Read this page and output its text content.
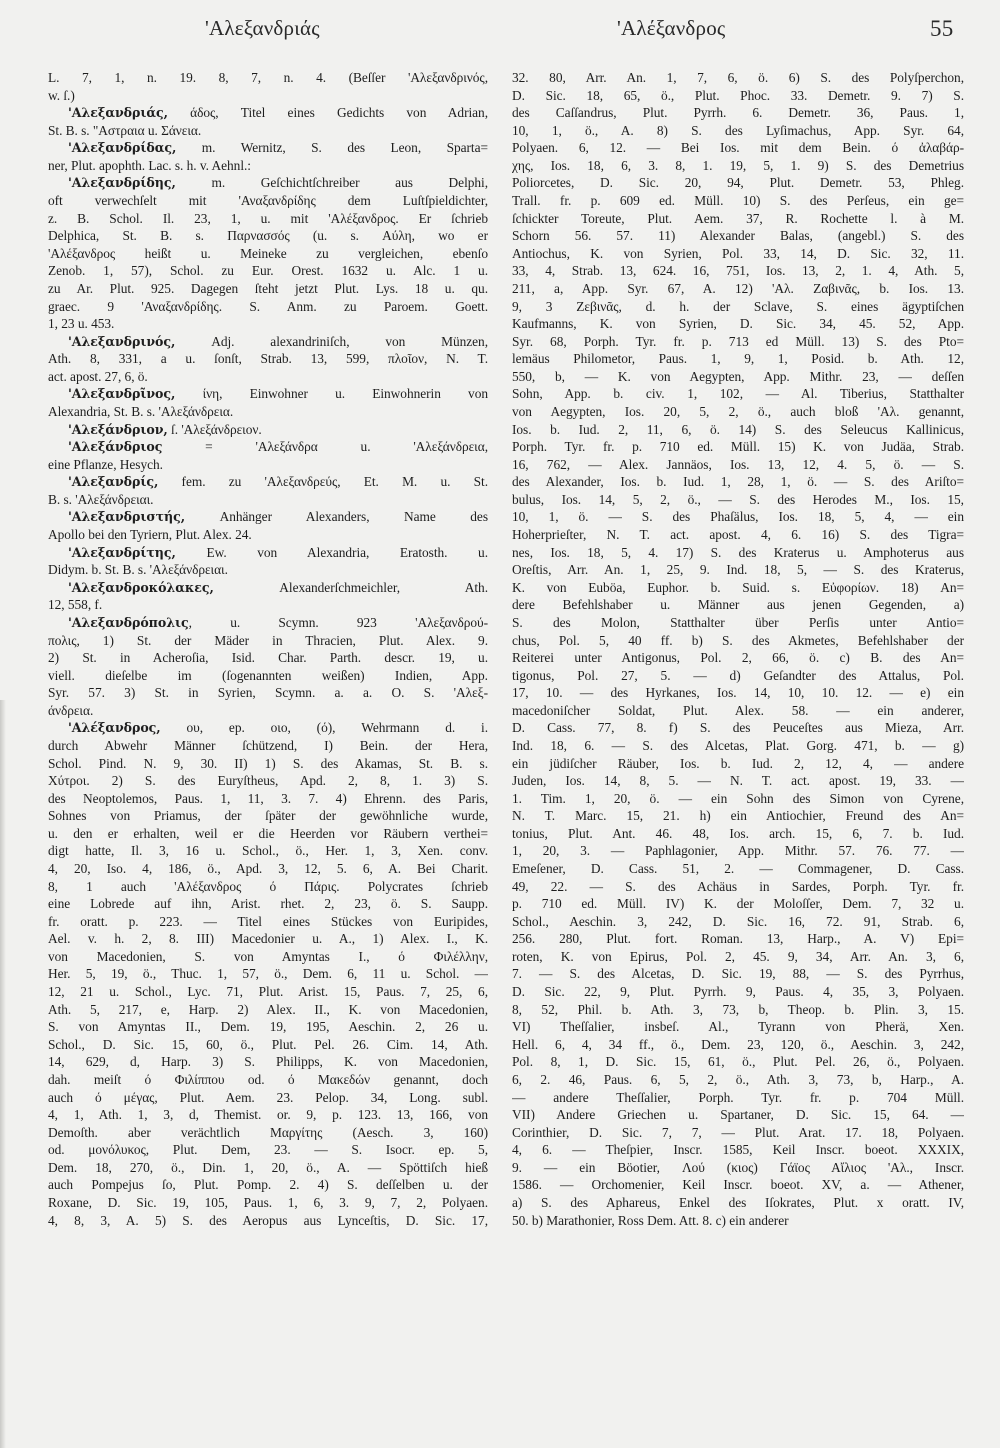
'Αλεξανδριάς	'Αλέξανδρος	55
L. 7, 1, n. 19. 8, 7, n. 4. (Beſſer 'Αλεξανδρινός,
w. ſ.)
'Αλεξανδριάς, άδος, Titel eines Gedichts von Adrian,
St. B. s. "Αστραια u. Σάνεια.
'Αλεξανδρίδας, m. Wernitz, S. des Leon, Sparta=
ner, Plut. apophth. Lac. s. h. v. Aehnl.:
'Αλεξανδρίδης, m. Geſchichtſchreiber aus Delphi,
oft verwechſelt mit 'Αναξανδρίδης dem Luſtſpieldichter,
z. B. Schol. Il. 23, 1, u. mit 'Αλέξανδρος. Er ſchrieb
Delphica, St. B. s. Παρνασσός (u. s. Αύλη, wo er
'Αλέξανδρος heißt u. Meineke zu vergleichen, ebenſo
Zenob. 1, 57), Schol. zu Eur. Orest. 1632 u. Alc. 1 u.
zu Ar. Plut. 925. Dagegen ſteht jetzt Plut. Lys. 18 u. qu.
graec. 9 'Αναξανδρίδης. S. Anm. zu Paroem. Goett.
1, 23 u. 453.
'Αλεξανδρινός, Adj. alexandriniſch, von Münzen,
Ath. 8, 331, a u. ſonſt, Strab. 13, 599, πλοῖον, N. T.
act. apost. 27, 6, ö.
'Αλεξανδρῖνος, ίνη, Einwohner u. Einwohnerin von
Alexandria, St. B. s. 'Αλεξάνδρεια.
'Αλεξάνδριον, ſ. 'Αλεξάνδρειον.
'Αλεξάνδριος = 'Αλεξάνδρα u. 'Αλεξάνδρεια,
eine Pflanze, Hesych.
'Αλεξανδρίς, fem. zu 'Αλεξανδρεύς, Et. M. u. St.
B. s. 'Αλεξάνδρειαι.
'Αλεξανδριστής, Anhänger Alexanders, Name des
Apollo bei den Tyriern, Plut. Alex. 24.
'Αλεξανδρίτης, Ew. von Alexandria, Eratosth. u.
Didym. b. St. B. s. 'Αλεξάνδρειαι.
'Αλεξανδροκόλακες, Alexanderſchmeichler, Ath.
12, 558, f.
'Αλεξανδρόπολις, u. Scymn. 923 'Αλεξανδρού-
πολις, 1) St. der Mäder in Thracien, Plut. Alex. 9.
2) St. in Acheroſia, Isid. Char. Parth. descr. 19, u.
viell. dieſelbe im (ſogenannten weißen) Indien, App.
Syr. 57. 3) St. in Syrien, Scymn. a. a. O. S. 'Αλεξ-
άνδρεια.
'Αλέξανδρος, ου, ep. οιο, (ό), Wehrmann d. i.
durch Abwehr Männer ſchützend, I) Bein. der Hera,
Schol. Pind. N. 9, 30. II) 1) S. des Akamas, St. B. s.
Χύτροι. 2) S. des Euryſtheus, Apd. 2, 8, 1. 3) S.
des Neoptolemos, Paus. 1, 11, 3. 7. 4) Ehrenn. des Paris,
Sohnes von Priamus, der ſpäter der gewöhnliche wurde,
u. den er erhalten, weil er die Heerden vor Räubern verthei=
digt hatte, Il. 3, 16 u. Schol., ö., Her. 1, 3, Xen. conv.
4, 20, Iso. 4, 186, ö., Apd. 3, 12, 5. 6, A. Bei Charit.
8, 1 auch 'Αλέξανδρος ό Πάρις. Polycrates ſchrieb
eine Lobrede auf ihn, Arist. rhet. 2, 23, ö. S. Saupp.
fr. oratt. p. 223. — Titel eines Stückes von Euripides,
Ael. v. h. 2, 8. III) Macedonier u. A., 1) Alex. I., K.
von Macedonien, S. von Amyntas I., ό Φιλέλλην,
Her. 5, 19, ö., Thuc. 1, 57, ö., Dem. 6, 11 u. Schol. —
12, 21 u. Schol., Lyc. 71, Plut. Arist. 15, Paus. 7, 25, 6,
Ath. 5, 217, e, Harp. 2) Alex. II., K. von Macedonien,
S. von Amyntas II., Dem. 19, 195, Aeschin. 2, 26 u.
Schol., D. Sic. 15, 60, ö., Plut. Pel. 26. Cim. 14, Ath.
14, 629, d, Harp. 3) S. Philipps, K. von Macedonien,
dah. meiſt ό Φιλίππου od. ό Μακεδών genannt, doch
auch ό μέγας, Plut. Aem. 23. Pelop. 34, Long. subl.
4, 1, Ath. 1, 3, d, Themist. or. 9, p. 123. 13, 166, von
Demoſth. aber verächtlich Μαργίτης (Aesch. 3, 160)
od. μονόλυκος, Plut. Dem, 23. — S. Isocr. ep. 5,
Dem. 18, 270, ö., Din. 1, 20, ö., A. — Spöttiſch hieß
auch Pompejus ſo, Plut. Pomp. 2. 4) S. deſſelben u. der
Roxane, D. Sic. 19, 105, Paus. 1, 6, 3. 9, 7, 2, Polyaen.
4, 8, 3, A. 5) S. des Aeropus aus Lynceſtis, D. Sic. 17,
32. 80, Arr. An. 1, 7, 6, ö. 6) S. des Polyſperchon,
D. Sic. 18, 65, ö., Plut. Phoc. 33. Demetr. 9. 7) S.
des Caſſandrus, Plut. Pyrrh. 6. Demetr. 36, Paus. 1,
10, 1, ö., A. 8) S. des Lyſimachus, App. Syr. 64,
Polyaen. 6, 12. — Bei Ios. mit dem Bein. ό ἀλαβάρ-
χης, Ios. 18, 6, 3. 8, 1. 19, 5, 1. 9) S. des Demetrius
Poliorcetes, D. Sic. 20, 94, Plut. Demetr. 53, Phleg.
Trall. fr. p. 609 ed. Müll. 10) S. des Perſeus, ein ge=
ſchickter Toreute, Plut. Aem. 37, R. Rochette l. à M.
Schorn 56. 57. 11) Alexander Balas, (angebl.) S. des
Antiochus, K. von Syrien, Pol. 33, 14, D. Sic. 32, 11.
33, 4, Strab. 13, 624. 16, 751, Ios. 13, 2, 1. 4, Ath. 5,
211, a, App. Syr. 67, A. 12) 'Αλ. Ζαβινᾶς, b. Ios. 13.
9, 3 Ζεβινᾶς, d. h. der Sclave, S. eines ägyptiſchen
Kaufmanns, K. von Syrien, D. Sic. 34, 45. 52, App.
Syr. 68, Porph. Tyr. fr. p. 713 ed Müll. 13) S. des Pto=
lemäus Philometor, Paus. 1, 9, 1, Posid. b. Ath. 12,
550, b, — K. von Aegypten, App. Mithr. 23, — deſſen
Sohn, App. b. civ. 1, 102, — Al. Tiberius, Statthalter
von Aegypten, Ios. 20, 5, 2, ö., auch bloß 'Αλ. genannt,
Ios. b. Iud. 2, 11, 6, ö. 14) S. des Seleucus Kallinicus,
Porph. Tyr. fr. p. 710 ed. Müll. 15) K. von Judäa, Strab.
16, 762, — Alex. Jannäos, Ios. 13, 12, 4. 5, ö. — S.
des Alexander, Ios. b. Iud. 1, 28, 1, ö. — S. des Ariſto=
bulus, Ios. 14, 5, 2, ö., — S. des Herodes M., Ios. 15,
10, 1, ö. — S. des Phaſälus, Ios. 18, 5, 4, — ein
Hoherprieſter, N. T. act. apost. 4, 6. 16) S. des Tigra=
nes, Ios. 18, 5, 4. 17) S. des Kraterus u. Amphoterus aus
Oreſtis, Arr. An. 1, 25, 9. Ind. 18, 5, — S. des Kraterus,
K. von Euböa, Euphor. b. Suid. s. Εὐφορίων. 18) An=
dere Befehlshaber u. Männer aus jenen Gegenden, a)
S. des Molon, Statthalter über Perſis unter Antio=
chus, Pol. 5, 40 ff. b) S. des Akmetes, Befehlshaber der
Reiterei unter Antigonus, Pol. 2, 66, ö. c) B. des An=
tigonus, Pol. 27, 5. — d) Geſandter des Attalus, Pol.
17, 10. — des Hyrkanes, Ios. 14, 10, 10. 12. — e) ein
macedoniſcher Soldat, Plut. Alex. 58. — ein anderer,
D. Cass. 77, 8. f) S. des Peuceſtes aus Mieza, Arr.
Ind. 18, 6. — S. des Alcetas, Plat. Gorg. 471, b. — g)
ein jüdiſcher Räuber, Ios. b. Iud. 2, 12, 4, — andere
Juden, Ios. 14, 8, 5. — N. T. act. apost. 19, 33. —
1. Tim. 1, 20, ö. — ein Sohn des Simon von Cyrene,
N. T. Marc. 15, 21. h) ein Antiochier, Freund des An=
tonius, Plut. Ant. 46. 48, Ios. arch. 15, 6, 7. b. Iud.
1, 20, 3. — Paphlagonier, App. Mithr. 57. 76. 77. —
Emeſener, D. Cass. 51, 2. — Commagener, D. Cass.
49, 22. — S. des Achäus in Sardes, Porph. Tyr. fr.
p. 710 ed. Müll. IV) K. der Moloſſer, Dem. 7, 32 u.
Schol., Aeschin. 3, 242, D. Sic. 16, 72. 91, Strab. 6,
256. 280, Plut. fort. Roman. 13, Harp., A. V) Epi=
roten, K. von Epirus, Pol. 2, 45. 9, 34, Arr. An. 3, 6,
7. — S. des Alcetas, D. Sic. 19, 88, — S. des Pyrrhus,
D. Sic. 22, 9, Plut. Pyrrh. 9, Paus. 4, 35, 3, Polyaen.
8, 52, Phil. b. Ath. 3, 73, b, Theop. b. Plin. 3, 15.
VI) Theſſalier, insbeſ. Al., Tyrann von Pherä, Xen.
Hell. 6, 4, 34 ff., ö., Dem. 23, 120, ö., Aeschin. 3, 242,
Pol. 8, 1, D. Sic. 15, 61, ö., Plut. Pel. 26, ö., Polyaen.
6, 2. 46, Paus. 6, 5, 2, ö., Ath. 3, 73, b, Harp., A.
— andere Theſſalier, Porph. Tyr. fr. p. 704 Müll.
VII) Andere Griechen u. Spartaner, D. Sic. 15, 64. —
Corinthier, D. Sic. 7, 7, — Plut. Arat. 17. 18, Polyaen.
4, 6. — Theſpier, Inscr. 1585, Keil Inscr. boeot. XXXIX,
9. — ein Böotier, Λού (κιος) Γάϊος Αἴλιος 'Αλ., Inscr.
1586. — Orchomenier, Keil Inscr. boeot. XV, a. — Athener,
a) S. des Aphareus, Enkel des Iſokrates, Plut. x oratt. IV,
50. b) Marathonier, Ross Dem. Att. 8. c) ein anderer
